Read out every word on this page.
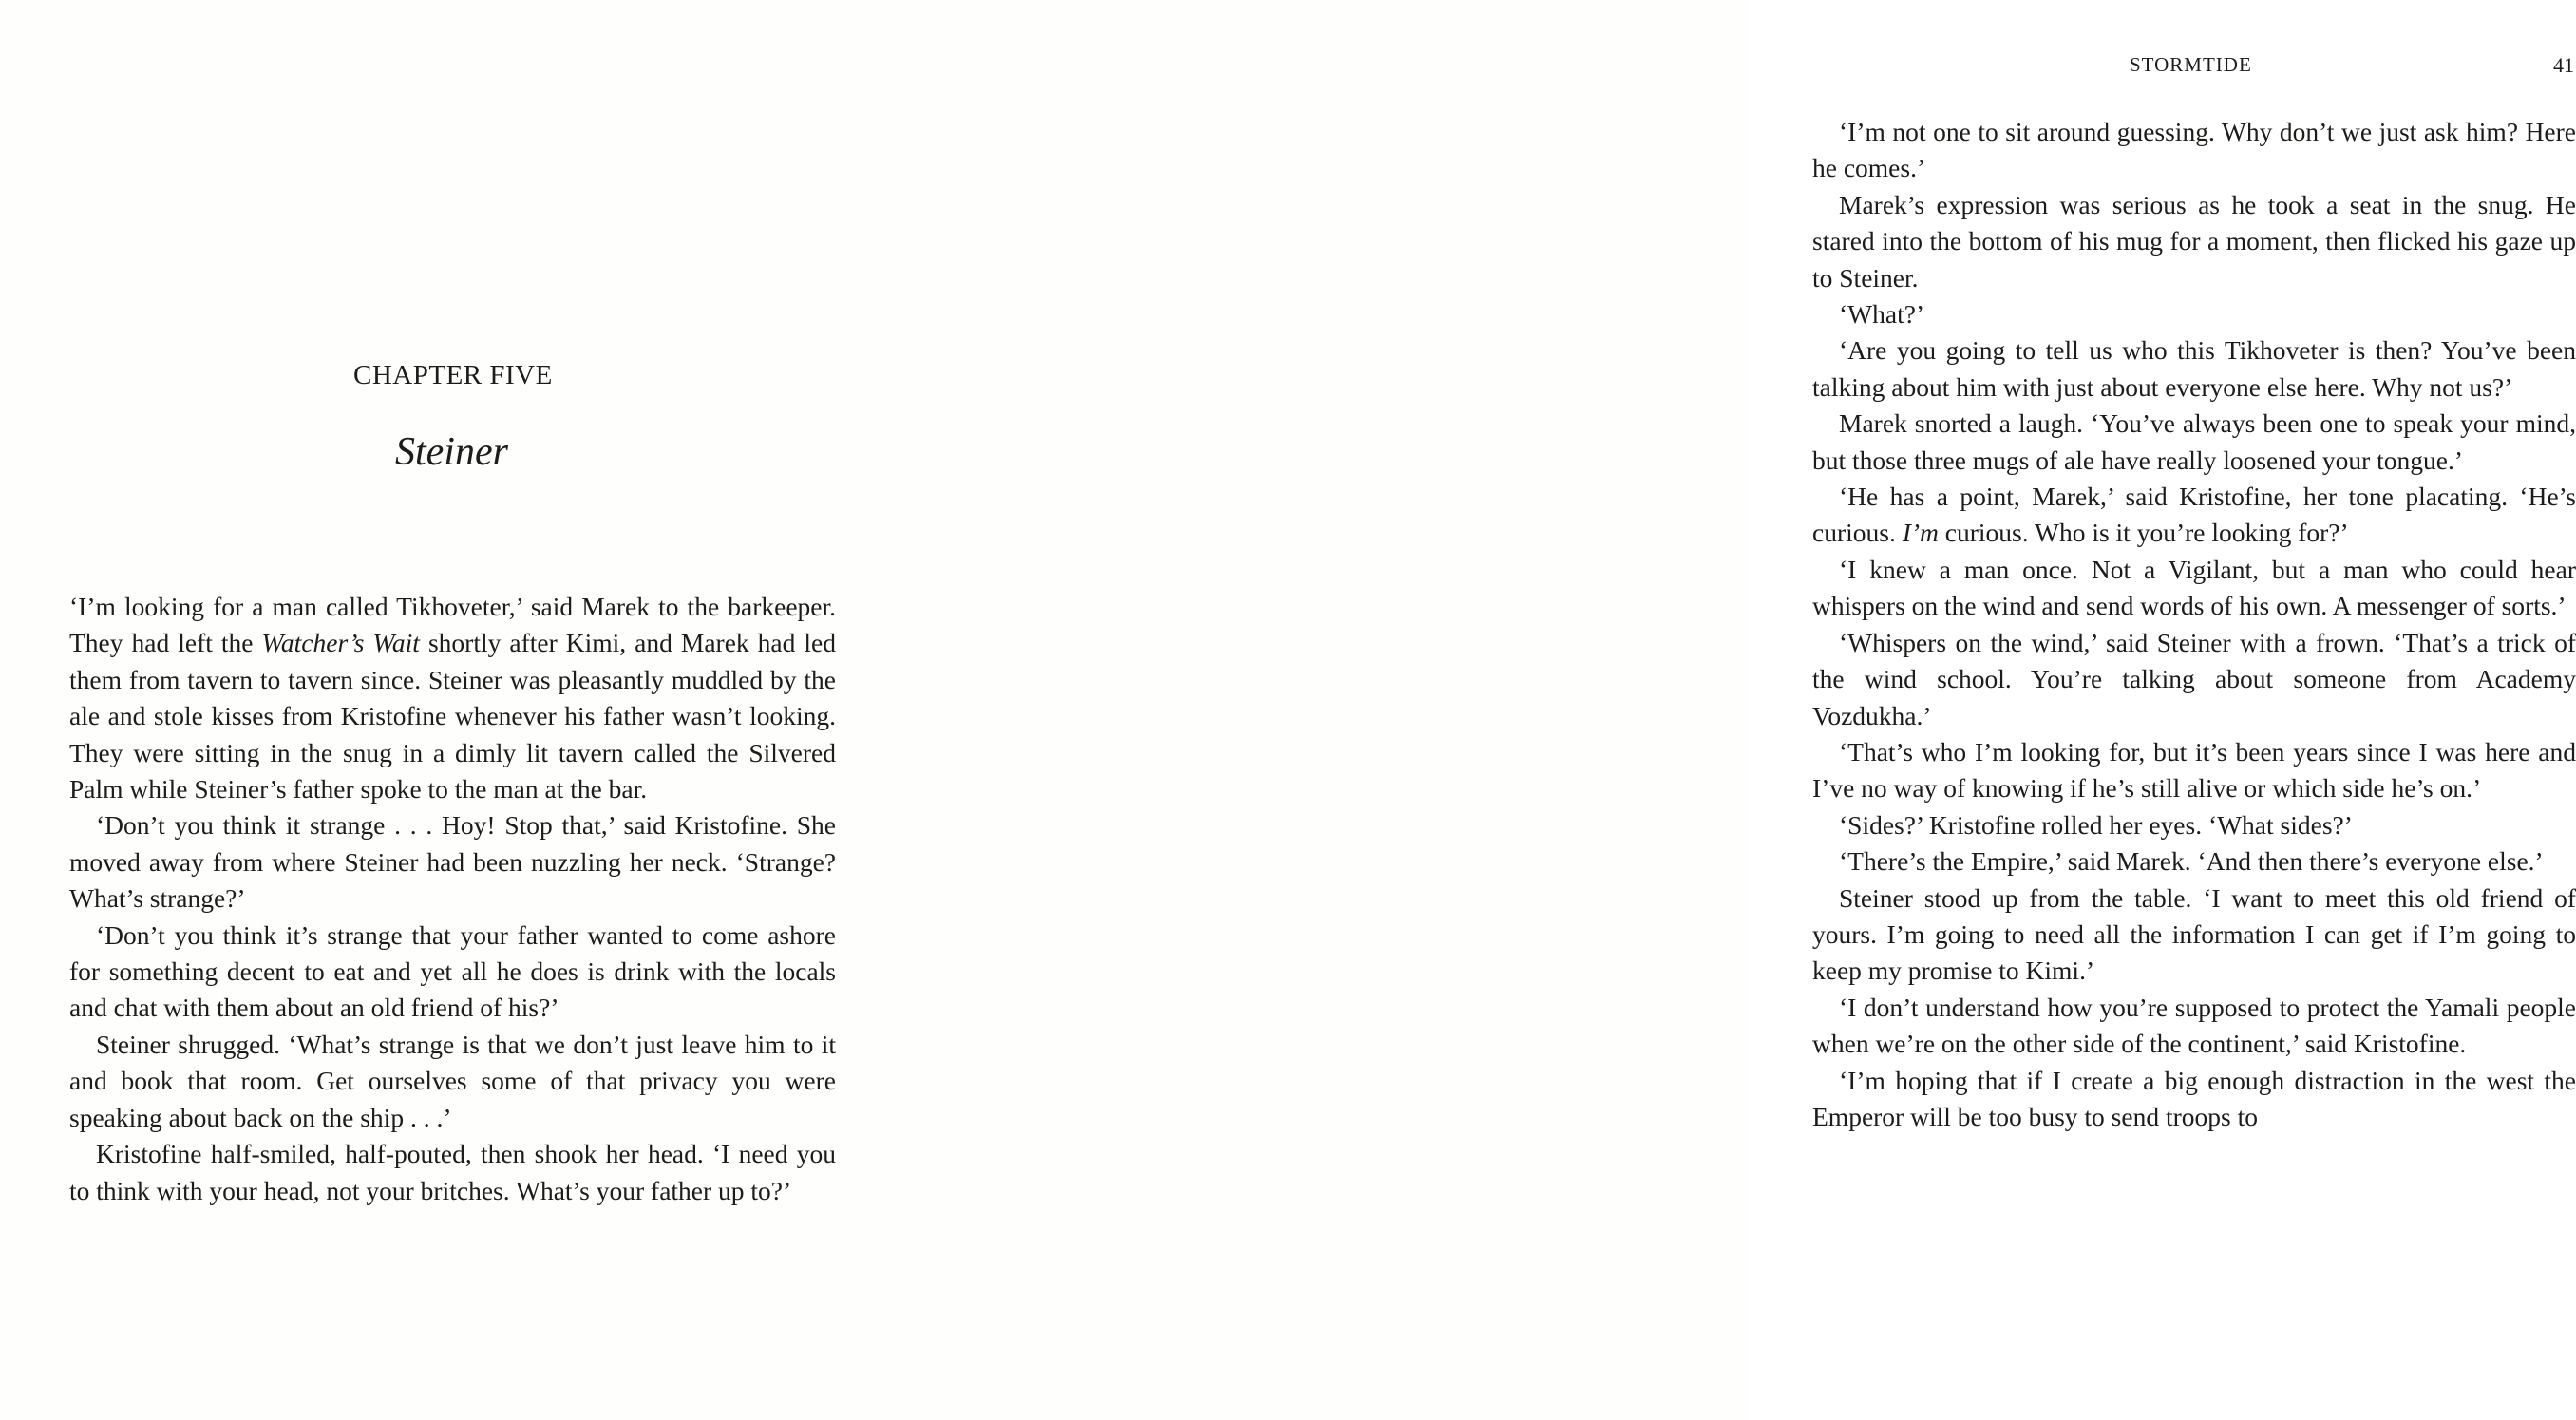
CHAPTER FIVE
Steiner

‘I’m looking for a man called Tikhoveter,’ said Marek to the barkeeper. They had left the Watcher’s Wait shortly after Kimi, and Marek had led them from tavern to tavern since. Steiner was pleasantly muddled by the ale and stole kisses from Kristofine whenever his father wasn’t looking. They were sitting in the snug in a dimly lit tavern called the Silvered Palm while Steiner’s father spoke to the man at the bar.

‘Don’t you think it strange . . . Hoy! Stop that,’ said Kristofine. She moved away from where Steiner had been nuzzling her neck. ‘Strange? What’s strange?’

‘Don’t you think it’s strange that your father wanted to come ashore for something decent to eat and yet all he does is drink with the locals and chat with them about an old friend of his?’

Steiner shrugged. ‘What’s strange is that we don’t just leave him to it and book that room. Get ourselves some of that privacy you were speaking about back on the ship . . .’

Kristofine half-smiled, half-pouted, then shook her head. ‘I need you to think with your head, not your britches. What’s your father up to?’

STORMTIDE	41

‘I’m not one to sit around guessing. Why don’t we just ask him? Here he comes.’

Marek’s expression was serious as he took a seat in the snug. He stared into the bottom of his mug for a moment, then flicked his gaze up to Steiner.

‘What?’

‘Are you going to tell us who this Tikhoveter is then? You’ve been talking about him with just about everyone else here. Why not us?’

Marek snorted a laugh. ‘You’ve always been one to speak your mind, but those three mugs of ale have really loosened your tongue.’

‘He has a point, Marek,’ said Kristofine, her tone placating. ‘He’s curious. I’m curious. Who is it you’re looking for?’

‘I knew a man once. Not a Vigilant, but a man who could hear whispers on the wind and send words of his own. A messenger of sorts.’

‘Whispers on the wind,’ said Steiner with a frown. ‘That’s a trick of the wind school. You’re talking about someone from Academy Vozdukha.’

‘That’s who I’m looking for, but it’s been years since I was here and I’ve no way of knowing if he’s still alive or which side he’s on.’

‘Sides?’ Kristofine rolled her eyes. ‘What sides?’

‘There’s the Empire,’ said Marek. ‘And then there’s everyone else.’

Steiner stood up from the table. ‘I want to meet this old friend of yours. I’m going to need all the information I can get if I’m going to keep my promise to Kimi.’

‘I don’t understand how you’re supposed to protect the Yamali people when we’re on the other side of the continent,’ said Kristofine.

‘I’m hoping that if I create a big enough distraction in the west the Emperor will be too busy to send troops to
